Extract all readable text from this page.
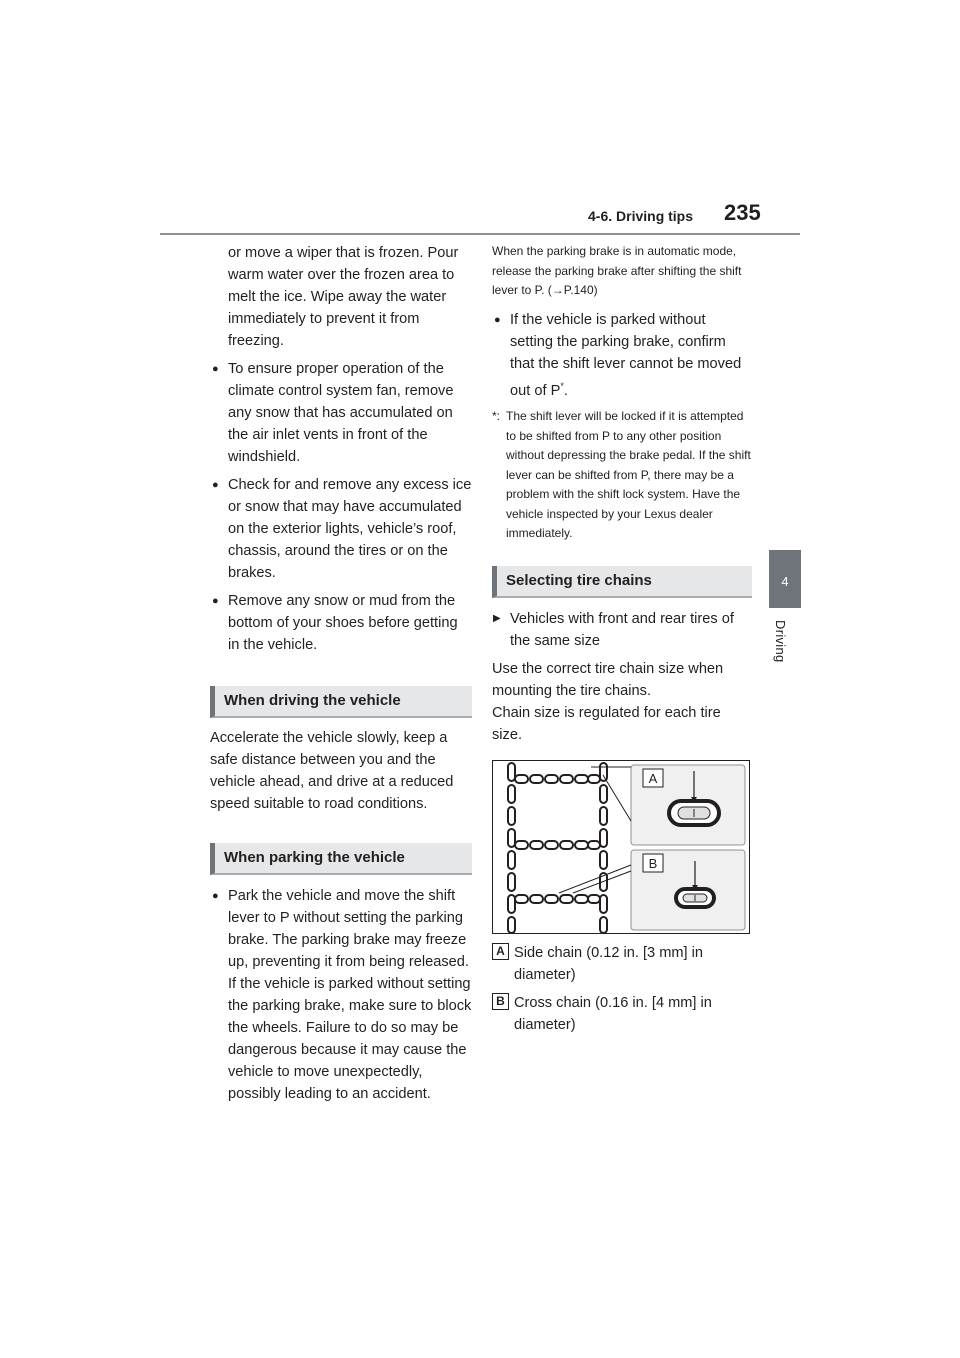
4-6. Driving tips 235
4
Driving
or move a wiper that is frozen. Pour warm water over the frozen area to melt the ice. Wipe away the water immediately to prevent it from freezing.
● To ensure proper operation of the climate control system fan, remove any snow that has accumulated on the air inlet vents in front of the windshield.
● Check for and remove any excess ice or snow that may have accumulated on the exterior lights, vehicle’s roof, chassis, around the tires or on the brakes.
● Remove any snow or mud from the bottom of your shoes before getting in the vehicle.
When driving the vehicle
Accelerate the vehicle slowly, keep a safe distance between you and the vehicle ahead, and drive at a reduced speed suitable to road conditions.
When parking the vehicle
● Park the vehicle and move the shift lever to P without setting the parking brake. The parking brake may freeze up, preventing it from being released. If the vehicle is parked without setting the parking brake, make sure to block the wheels. Failure to do so may be dangerous because it may cause the vehicle to move unexpectedly, possibly leading to an accident.
When the parking brake is in automatic mode, release the parking brake after shifting the shift lever to P. (→P.140)
● If the vehicle is parked without setting the parking brake, confirm that the shift lever cannot be moved out of P*.
*: The shift lever will be locked if it is attempted to be shifted from P to any other position without depressing the brake pedal. If the shift lever can be shifted from P, there may be a problem with the shift lock system. Have the vehicle inspected by your Lexus dealer immediately.
Selecting tire chains
▶ Vehicles with front and rear tires of the same size
Use the correct tire chain size when mounting the tire chains.
Chain size is regulated for each tire size.
A
B
A Side chain (0.12 in. [3 mm] in diameter)
B Cross chain (0.16 in. [4 mm] in diameter)
